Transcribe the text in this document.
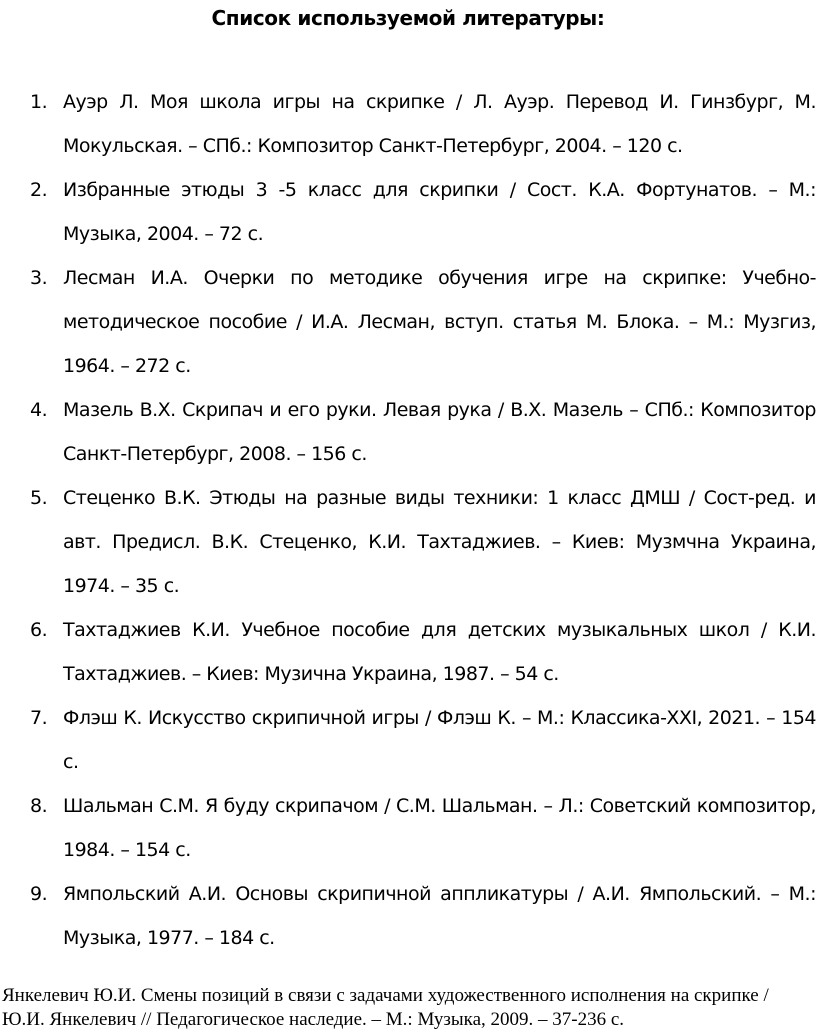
Список используемой литературы:
1. Ауэр Л. Моя школа игры на скрипке / Л. Ауэр. Перевод И. Гинзбург, М. Мокульская. – СПб.: Композитор Санкт-Петербург, 2004. – 120 с.
2. Избранные этюды 3 -5 класс для скрипки / Сост. К.А. Фортунатов. – М.: Музыка, 2004. – 72 с.
3. Лесман И.А. Очерки по методике обучения игре на скрипке: Учебно-методическое пособие / И.А. Лесман, вступ. статья М. Блока. – М.: Музгиз, 1964. – 272 с.
4. Мазель В.Х. Скрипач и его руки. Левая рука / В.Х. Мазель – СПб.: Композитор Санкт-Петербург, 2008. – 156 с.
5. Стеценко В.К. Этюды на разные виды техники: 1 класс ДМШ / Сост-ред. и авт. Предисл. В.К. Стеценко, К.И. Тахтаджиев. – Киев: Музмчна Украина, 1974. – 35 с.
6. Тахтаджиев К.И. Учебное пособие для детских музыкальных школ / К.И. Тахтаджиев. – Киев: Музична Украина, 1987. – 54 с.
7. Флэш К. Искусство скрипичной игры / Флэш К. – М.: Классика-XXI, 2021. – 154 с.
8. Шальман С.М. Я буду скрипачом / С.М. Шальман. – Л.: Советский композитор, 1984. – 154 с.
9. Ямпольский А.И. Основы скрипичной аппликатуры / А.И. Ямпольский. – М.: Музыка, 1977. – 184 с.

Янкелевич Ю.И. Смены позиций в связи с задачами художественного исполнения на скрипке / Ю.И. Янкелевич // Педагогическое наследие. – М.: Музыка, 2009. – 37-236 с.
